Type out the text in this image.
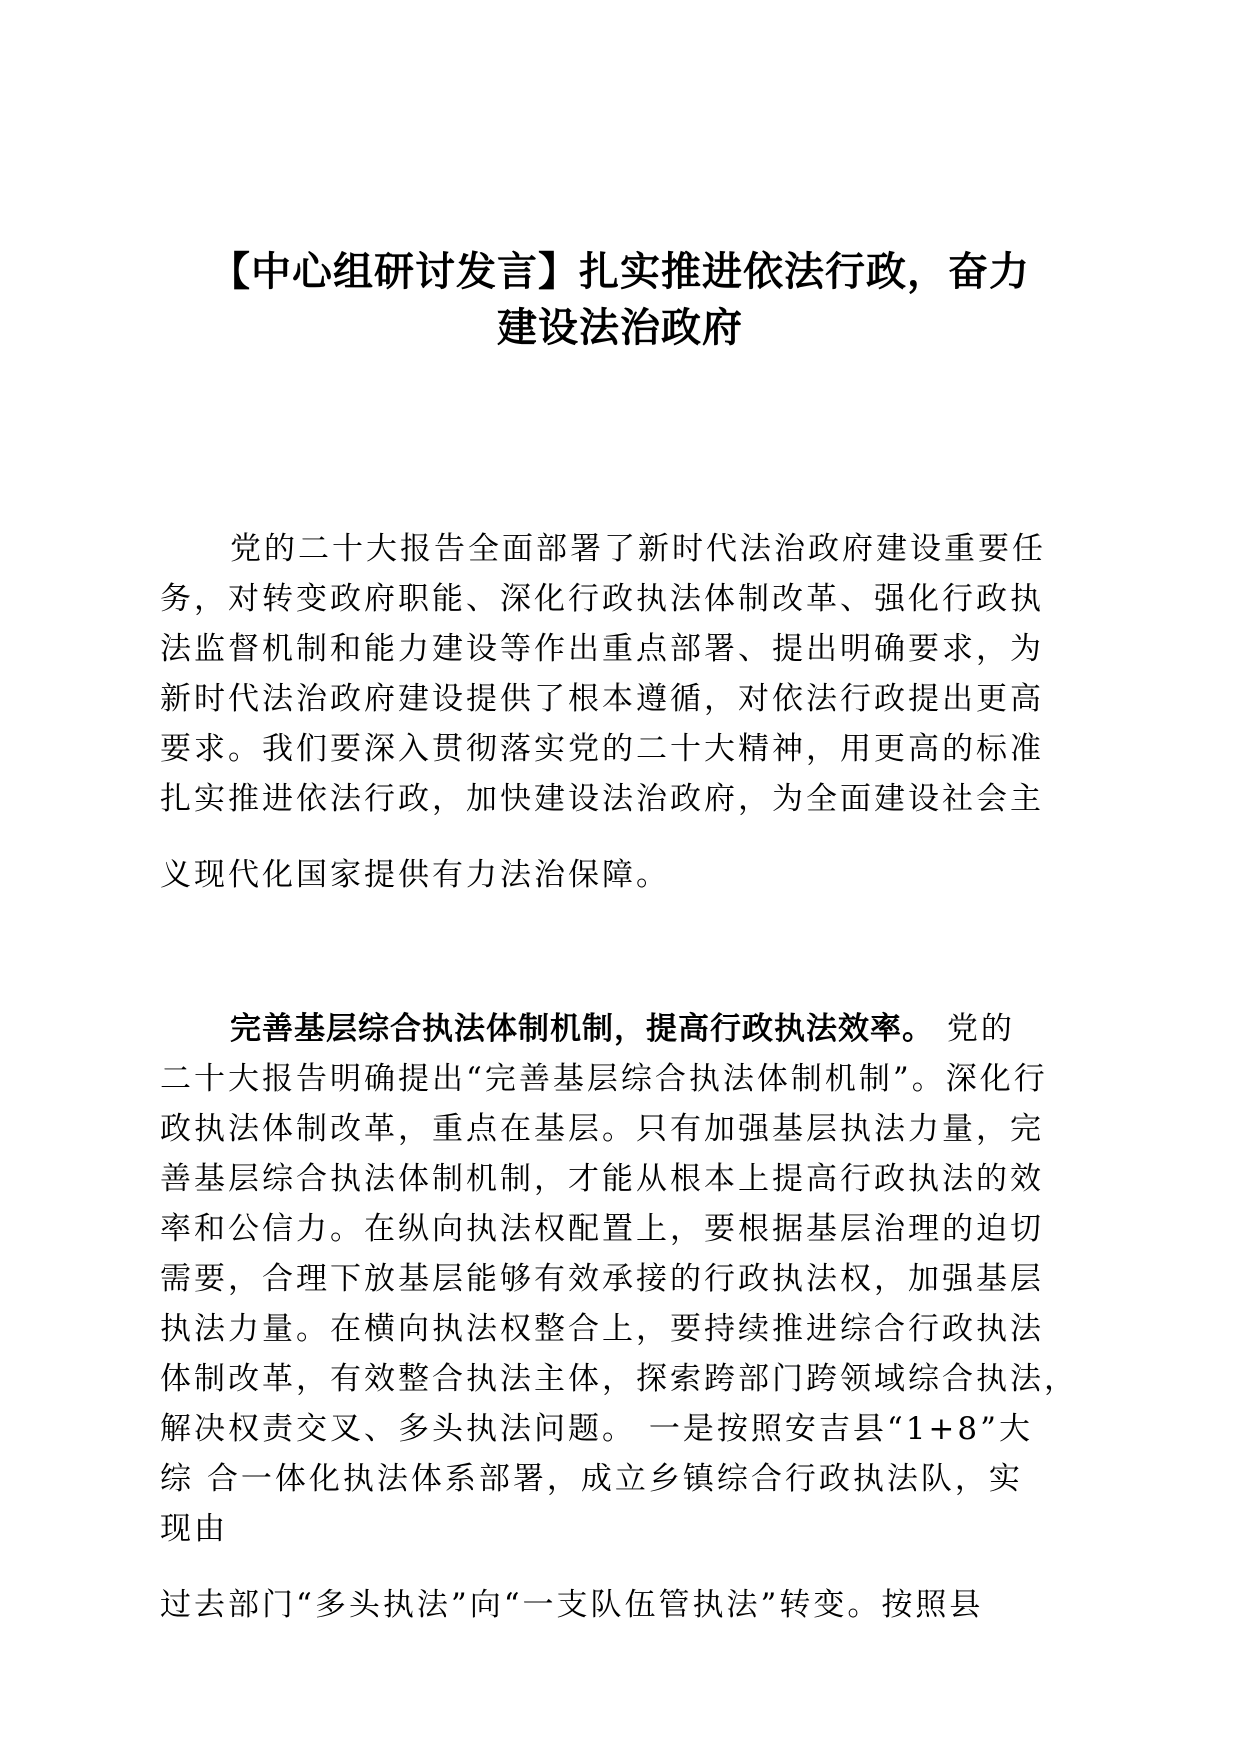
【中心组研讨发言】扎实推进依法行政，奋力
建设法治政府
党的二十大报告全面部署了新时代法治政府建设重要任
务，对转变政府职能、深化行政执法体制改革、强化行政执
法监督机制和能力建设等作出重点部署、提出明确要求，为
新时代法治政府建设提供了根本遵循，对依法行政提出更高
要求。我们要深入贯彻落实党的二十大精神，用更高的标准
扎实推进依法行政，加快建设法治政府，为全面建设社会主
义现代化国家提供有力法治保障。
完善基层综合执法体制机制，提高行政执法效率。 党的
二十大报告明确提出“完善基层综合执法体制机制”。深化行
政执法体制改革，重点在基层。只有加强基层执法力量，完
善基层综合执法体制机制，才能从根本上提高行政执法的效
率和公信力。在纵向执法权配置上，要根据基层治理的迫切
需要，合理下放基层能够有效承接的行政执法权，加强基层
执法力量。在横向执法权整合上，要持续推进综合行政执法
体制改革，有效整合执法主体，探索跨部门跨领域综合执法，
解决权责交叉、多头执法问题。 一是按照安吉县“1+8”大
综 合一体化执法体系部署，成立乡镇综合行政执法队，实
现由
过去部门“多头执法”向“一支队伍管执法”转变。按照县
